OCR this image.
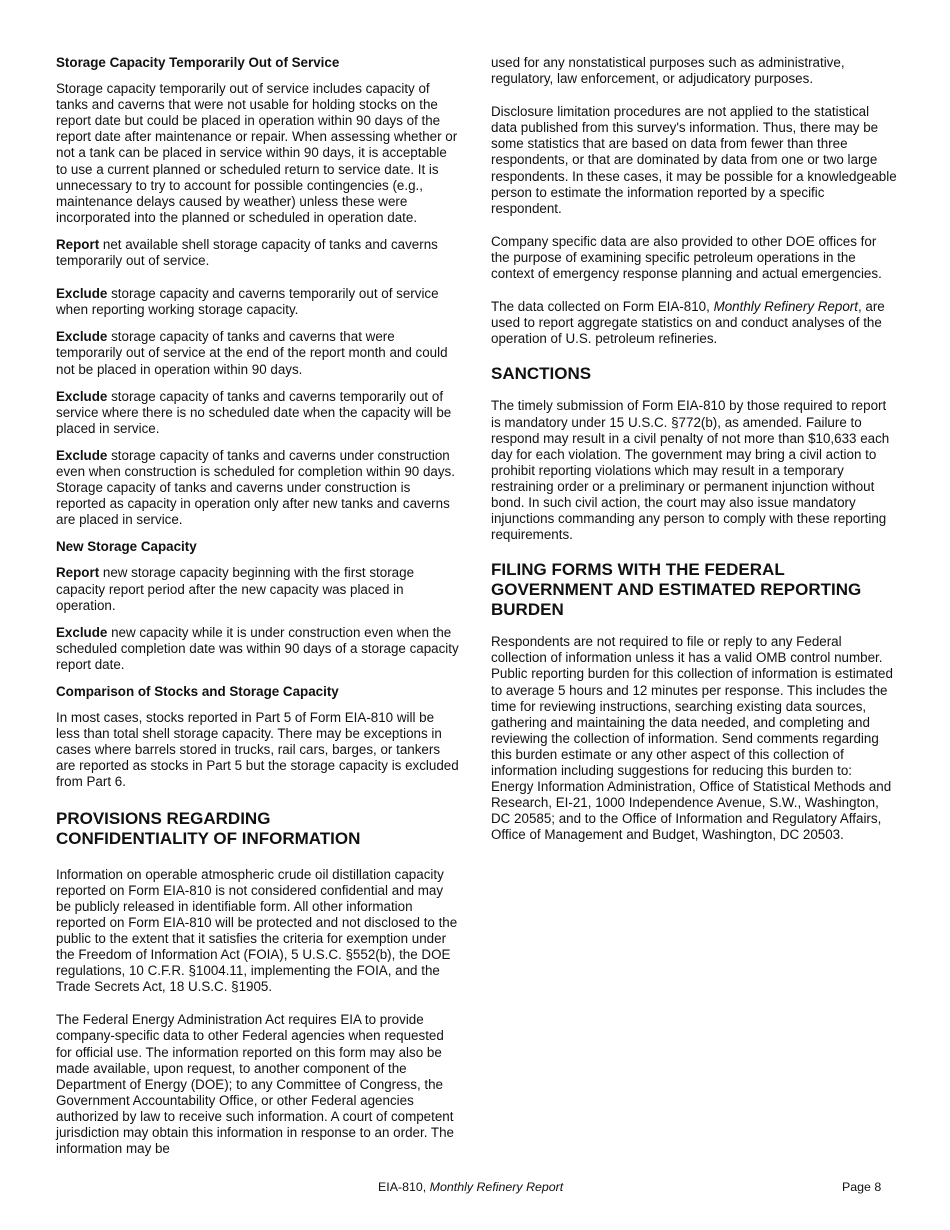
Storage Capacity Temporarily Out of Service

Storage capacity temporarily out of service includes capacity of tanks and caverns that were not usable for holding stocks on the report date but could be placed in operation within 90 days of the report date after maintenance or repair. When assessing whether or not a tank can be placed in service within 90 days, it is acceptable to use a current planned or scheduled return to service date. It is unnecessary to try to account for possible contingencies (e.g., maintenance delays caused by weather) unless these were incorporated into the planned or scheduled in operation date.

Report net available shell storage capacity of tanks and caverns temporarily out of service.

Exclude storage capacity and caverns temporarily out of service when reporting working storage capacity.

Exclude storage capacity of tanks and caverns that were temporarily out of service at the end of the report month and could not be placed in operation within 90 days.

Exclude storage capacity of tanks and caverns temporarily out of service where there is no scheduled date when the capacity will be placed in service.

Exclude storage capacity of tanks and caverns under construction even when construction is scheduled for completion within 90 days. Storage capacity of tanks and caverns under construction is reported as capacity in operation only after new tanks and caverns are placed in service.

New Storage Capacity

Report new storage capacity beginning with the first storage capacity report period after the new capacity was placed in operation.

Exclude new capacity while it is under construction even when the scheduled completion date was within 90 days of a storage capacity report date.

Comparison of Stocks and Storage Capacity

In most cases, stocks reported in Part 5 of Form EIA-810 will be less than total shell storage capacity. There may be exceptions in cases where barrels stored in trucks, rail cars, barges, or tankers are reported as stocks in Part 5 but the storage capacity is excluded from Part 6.

PROVISIONS REGARDING
CONFIDENTIALITY OF INFORMATION

Information on operable atmospheric crude oil distillation capacity reported on Form EIA-810 is not considered confidential and may be publicly released in identifiable form. All other information reported on Form EIA-810 will be protected and not disclosed to the public to the extent that it satisfies the criteria for exemption under the Freedom of Information Act (FOIA), 5 U.S.C. §552(b), the DOE regulations, 10 C.F.R. §1004.11, implementing the FOIA, and the Trade Secrets Act, 18 U.S.C. §1905.

The Federal Energy Administration Act requires EIA to provide company-specific data to other Federal agencies when requested for official use. The information reported on this form may also be made available, upon request, to another component of the Department of Energy (DOE); to any Committee of Congress, the Government Accountability Office, or other Federal agencies authorized by law to receive such information. A court of competent jurisdiction may obtain this information in response to an order. The information may be

used for any nonstatistical purposes such as administrative, regulatory, law enforcement, or adjudicatory purposes.

Disclosure limitation procedures are not applied to the statistical data published from this survey's information. Thus, there may be some statistics that are based on data from fewer than three respondents, or that are dominated by data from one or two large respondents. In these cases, it may be possible for a knowledgeable person to estimate the information reported by a specific respondent.

Company specific data are also provided to other DOE offices for the purpose of examining specific petroleum operations in the context of emergency response planning and actual emergencies.

The data collected on Form EIA-810, Monthly Refinery Report, are used to report aggregate statistics on and conduct analyses of the operation of U.S. petroleum refineries.

SANCTIONS

The timely submission of Form EIA-810 by those required to report is mandatory under 15 U.S.C. §772(b), as amended. Failure to respond may result in a civil penalty of not more than $10,633 each day for each violation. The government may bring a civil action to prohibit reporting violations which may result in a temporary restraining order or a preliminary or permanent injunction without bond. In such civil action, the court may also issue mandatory injunctions commanding any person to comply with these reporting requirements.

FILING FORMS WITH THE FEDERAL
GOVERNMENT AND ESTIMATED REPORTING
BURDEN

Respondents are not required to file or reply to any Federal collection of information unless it has a valid OMB control number. Public reporting burden for this collection of information is estimated to average 5 hours and 12 minutes per response. This includes the time for reviewing instructions, searching existing data sources, gathering and maintaining the data needed, and completing and reviewing the collection of information. Send comments regarding this burden estimate or any other aspect of this collection of information including suggestions for reducing this burden to: Energy Information Administration, Office of Statistical Methods and Research, EI-21, 1000 Independence Avenue, S.W., Washington, DC 20585; and to the Office of Information and Regulatory Affairs, Office of Management and Budget, Washington, DC 20503.

EIA-810, Monthly Refinery Report	Page 8
